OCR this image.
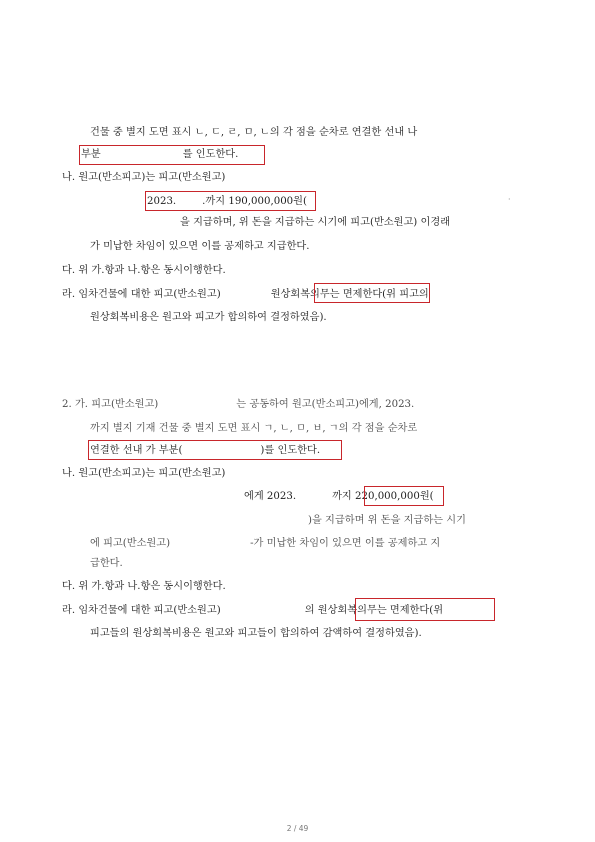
건물 중 별지 도면 표시 ㄴ, ㄷ, ㄹ, ㅁ, ㄴ의 각 점을 순차로 연결한 선내 나
부분	를 인도한다.
나. 원고(반소피고)는 피고(반소원고)
2023.	.까지 190,000,000원(	·
을 지급하며, 위 돈을 지급하는 시기에 피고(반소원고) 이경래
가 미납한 차임이 있으면 이를 공제하고 지급한다.
다. 위 가.항과 나.항은 동시이행한다.
라. 임차건물에 대한 피고(반소원고)	원상회복의무는 면제한다(위 피고의
원상회복비용은 원고와 피고가 합의하여 결정하였음).
2. 가. 피고(반소원고)	는 공동하여 원고(반소피고)에게, 2023.
까지 별지 기재 건물 중 별지 도면 표시 ㄱ, ㄴ, ㅁ, ㅂ, ㄱ의 각 점을 순차로
연결한 선내 가 부분(	)를 인도한다.
나. 원고(반소피고)는 피고(반소원고)
에게 2023.	까지 220,000,000원(
)을 지급하며 위 돈을 지급하는 시기
에 피고(반소원고)	-가 미납한 차임이 있으면 이를 공제하고 지
급한다.
다. 위 가.항과 나.항은 동시이행한다.
라. 임차건물에 대한 피고(반소원고)	의 원상회복의무는 면제한다(위
피고들의 원상회복비용은 원고와 피고들이 합의하여 감액하여 결정하였음).
2 / 49
